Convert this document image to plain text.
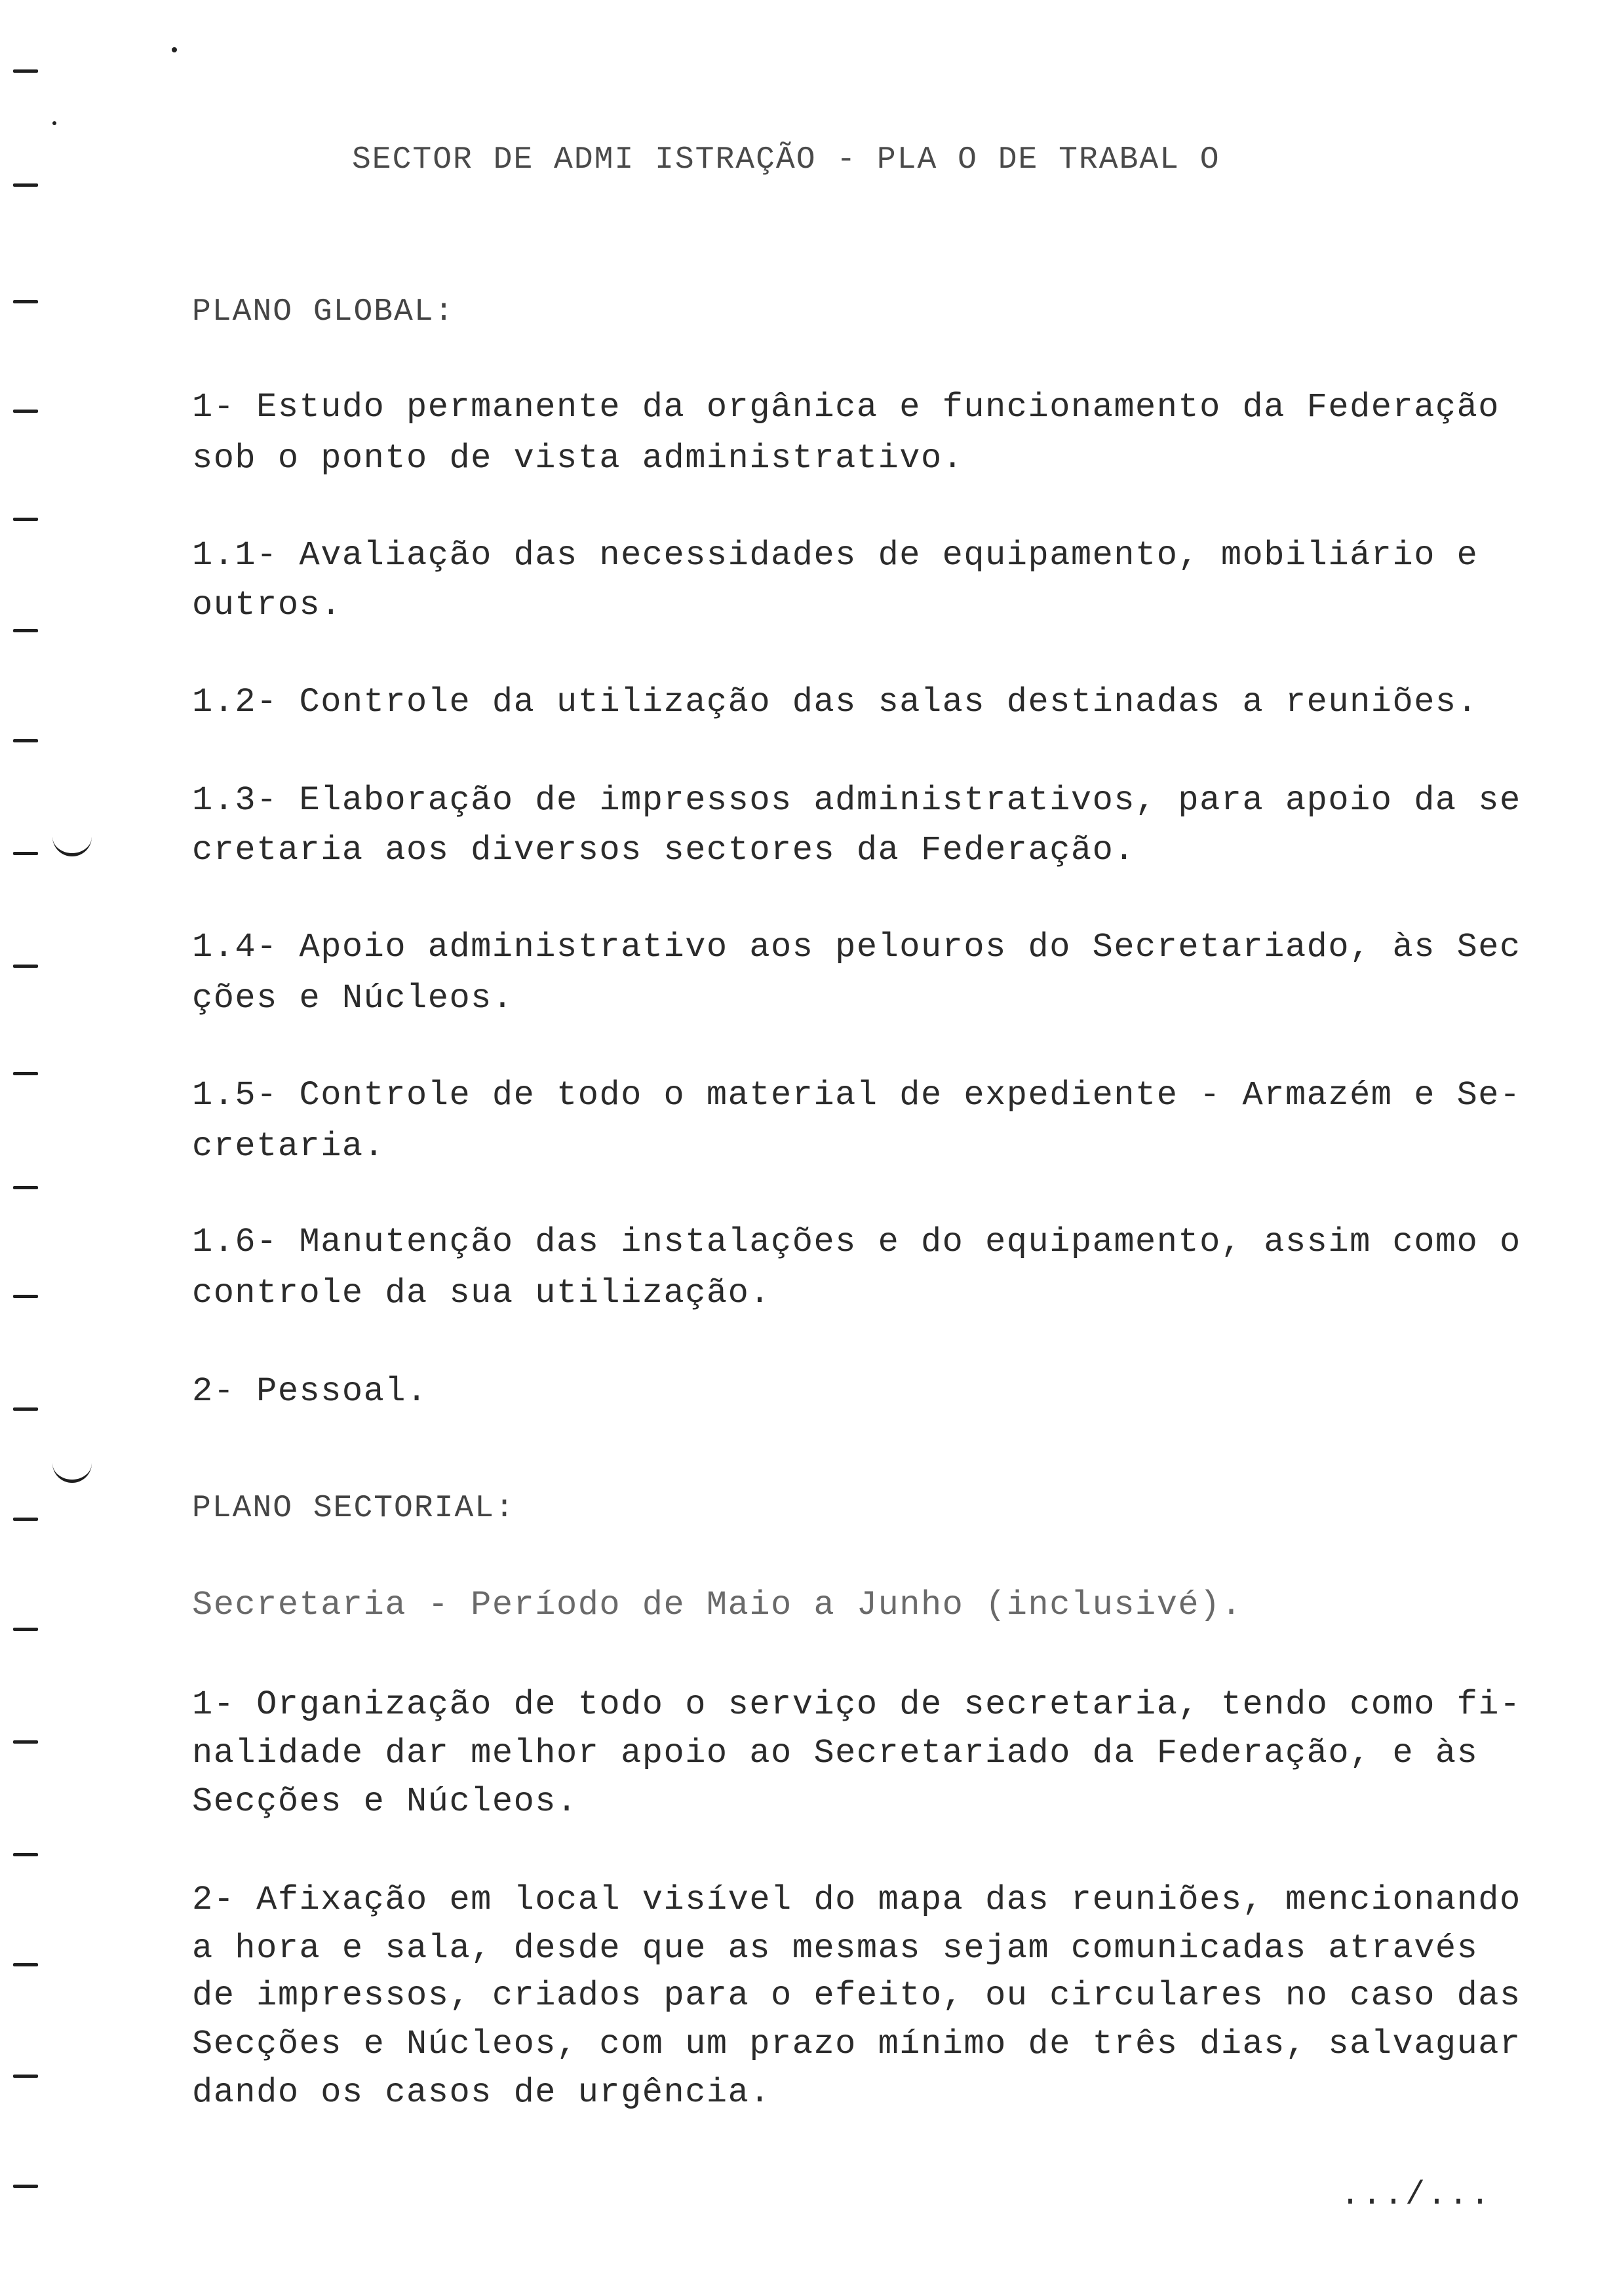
SECTOR DE ADMI ISTRAÇÃO - PLA O DE TRABAL O

PLANO GLOBAL:

1- Estudo permanente da orgânica e funcionamento da Federação

sob o ponto de vista administrativo.

1.1- Avaliação das necessidades de equipamento, mobiliário e

outros.

1.2- Controle da utilização das salas destinadas a reuniões.

1.3- Elaboração de impressos administrativos, para apoio da se

cretaria aos diversos sectores da Federação.

1.4- Apoio administrativo aos pelouros do Secretariado, às Sec

ções e Núcleos.

1.5- Controle de todo o material de expediente - Armazém e Se-

cretaria.

1.6- Manutenção das instalações e do equipamento, assim como o

controle da sua utilização.

2- Pessoal.

PLANO SECTORIAL:

Secretaria - Período de Maio a Junho (inclusivé).

1- Organização de todo o serviço de secretaria, tendo como fi-

nalidade dar melhor apoio ao Secretariado da Federação, e às

Secções e Núcleos.

2- Afixação em local visível do mapa das reuniões, mencionando

a hora e sala, desde que as mesmas sejam comunicadas através

de impressos, criados para o efeito, ou circulares no caso das

Secções e Núcleos, com um prazo mínimo de três dias, salvaguar

dando os casos de urgência.

.../...
